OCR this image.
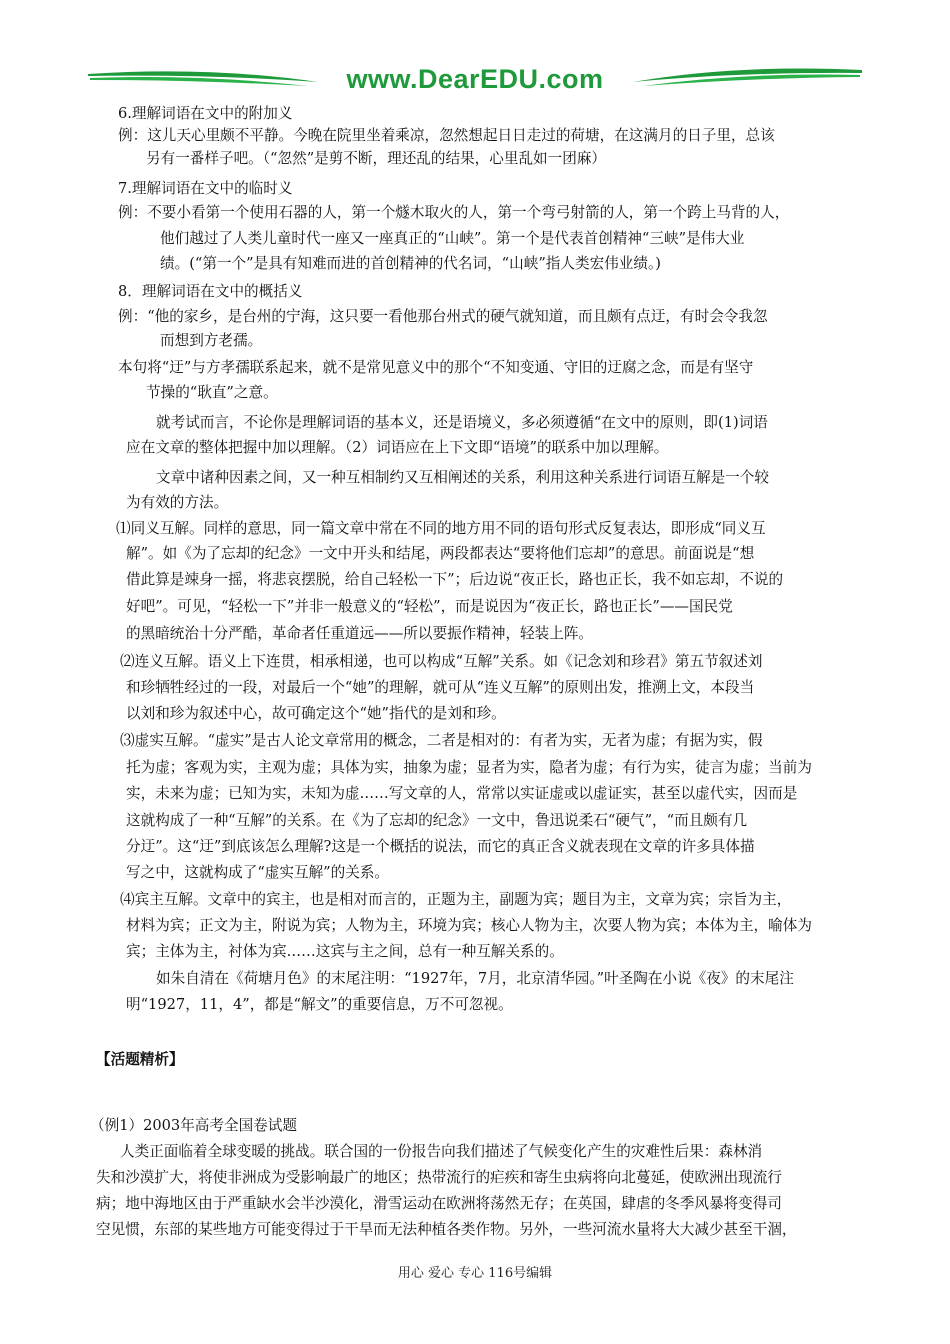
www.DearEDU.com
6.理解词语在文中的附加义
例：这儿天心里颇不平静。今晚在院里坐着乘凉，忽然想起日日走过的荷塘，在这满月的日子里，总该
另有一番样子吧。（“忽然”是剪不断，理还乱的结果，心里乱如一团麻）
7.理解词语在文中的临时义
例：不要小看第一个使用石器的人，第一个燧木取火的人，第一个弯弓射箭的人，第一个跨上马背的人，
他们越过了人类儿童时代一座又一座真正的“山峡”。第一个是代表首创精神“三峡”是伟大业
绩。(“第一个”是具有知难而进的首创精神的代名词，“山峡”指人类宏伟业绩。)
8．理解词语在文中的概括义
例：“他的家乡，是台州的宁海，这只要一看他那台州式的硬气就知道，而且颇有点迂，有时会令我忽
而想到方老孺。
本句将“迂”与方孝孺联系起来，就不是常见意义中的那个“不知变通、守旧的迂腐之念，而是有坚守
节操的“耿直”之意。
就考试而言，不论你是理解词语的基本义，还是语境义，多必须遵循“在文中的原则，即(1)词语
应在文章的整体把握中加以理解。（2）词语应在上下文即“语境”的联系中加以理解。
文章中诸种因素之间，又一种互相制约又互相阐述的关系，利用这种关系进行词语互解是一个较
为有效的方法。
⑴同义互解。同样的意思，同一篇文章中常在不同的地方用不同的语句形式反复表达，即形成“同义互
解”。如《为了忘却的纪念》一文中开头和结尾，两段都表达“要将他们忘却”的意思。前面说是“想
借此算是竦身一摇，将悲哀摆脱，给自己轻松一下”；后边说“夜正长，路也正长，我不如忘却，不说的
好吧”。可见，“轻松一下”并非一般意义的“轻松”，而是说因为“夜正长，路也正长”——国民党
的黑暗统治十分严酷，革命者任重道远——所以要振作精神，轻装上阵。
⑵连义互解。语义上下连贯，相承相递，也可以构成“互解”关系。如《记念刘和珍君》第五节叙述刘
和珍牺牲经过的一段，对最后一个“她”的理解，就可从“连义互解”的原则出发，推溯上文，本段当
以刘和珍为叙述中心，故可确定这个“她”指代的是刘和珍。
⑶虚实互解。“虚实”是古人论文章常用的概念，二者是相对的：有者为实，无者为虚；有据为实，假
托为虚；客观为实，主观为虚；具体为实，抽象为虚；显者为实，隐者为虚；有行为实，徒言为虚；当前为
实，未来为虚；已知为实，未知为虚……写文章的人，常常以实证虚或以虚证实，甚至以虚代实，因而是
这就构成了一种“互解”的关系。在《为了忘却的纪念》一文中，鲁迅说柔石“硬气”，“而且颇有几
分迂”。这“迂”到底该怎么理解?这是一个概括的说法，而它的真正含义就表现在文章的许多具体描
写之中，这就构成了“虚实互解”的关系。
⑷宾主互解。文章中的宾主，也是相对而言的，正题为主，副题为宾；题目为主，文章为宾；宗旨为主，
材料为宾；正文为主，附说为宾；人物为主，环境为宾；核心人物为主，次要人物为宾；本体为主，喻体为
宾；主体为主，衬体为宾……这宾与主之间，总有一种互解关系的。
如朱自清在《荷塘月色》的末尾注明：“1927年，7月，北京清华园。”叶圣陶在小说《夜》的末尾注
明“1927，11，4”，都是“解文”的重要信息，万不可忽视。
【活题精析】
（例1）2003年高考全国卷试题
人类正面临着全球变暖的挑战。联合国的一份报告向我们描述了气候变化产生的灾难性后果：森林消
失和沙漠扩大，将使非洲成为受影响最广的地区；热带流行的疟疾和寄生虫病将向北蔓延，使欧洲出现流行
病；地中海地区由于严重缺水会半沙漠化，滑雪运动在欧洲将荡然无存；在英国，肆虐的冬季风暴将变得司
空见惯，东部的某些地方可能变得过于干旱而无法种植各类作物。另外，一些河流水量将大大减少甚至干涸，
用心 爱心 专心 116号编辑
